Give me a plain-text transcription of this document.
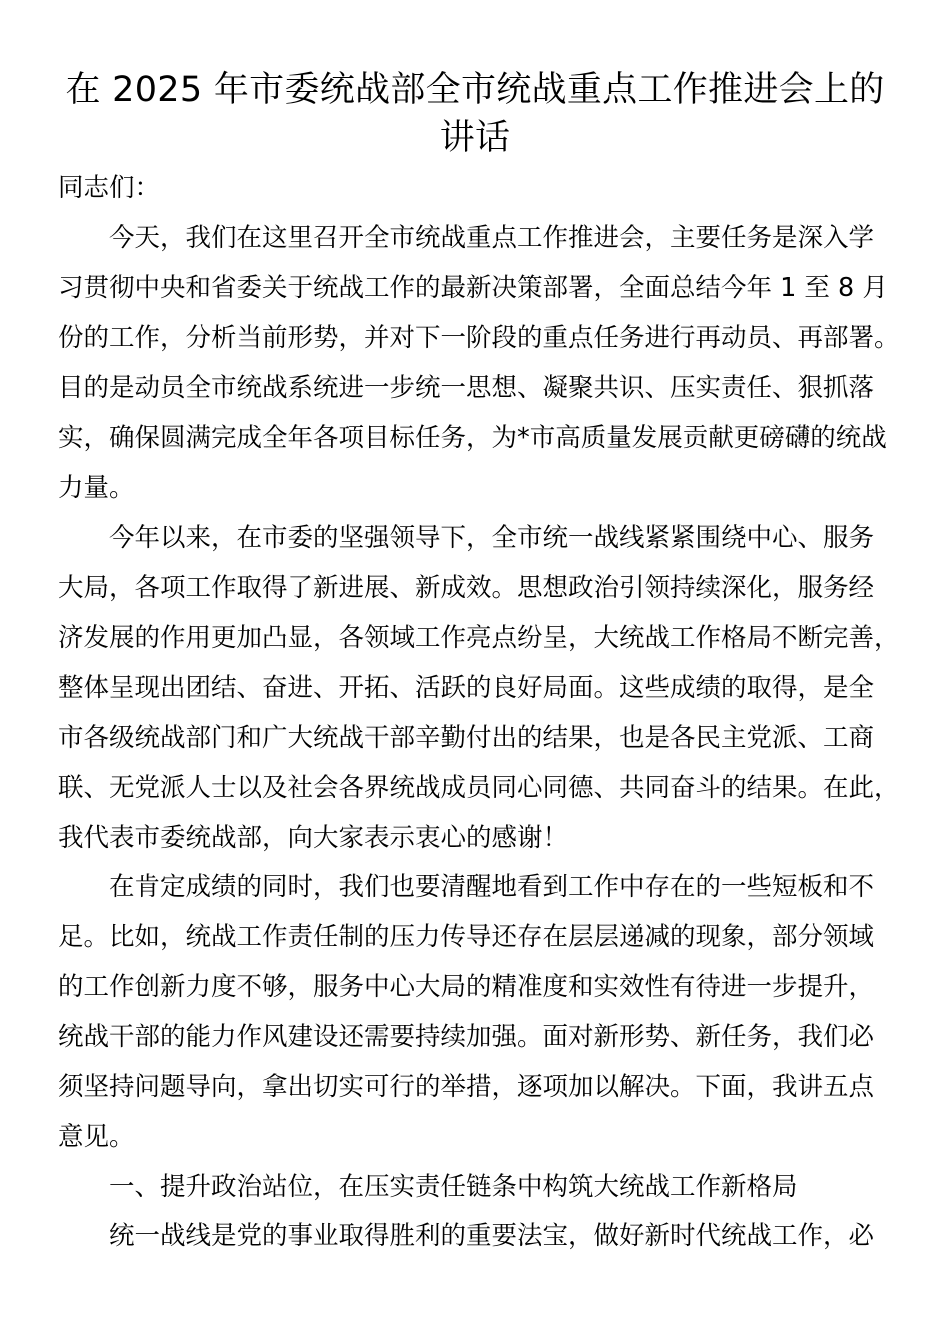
在 2025 年市委统战部全市统战重点工作推进会上的
讲话

同志们：

今天，我们在这里召开全市统战重点工作推进会，主要任务是深入学

习贯彻中央和省委关于统战工作的最新决策部署，全面总结今年 1 至 8 月

份的工作，分析当前形势，并对下一阶段的重点任务进行再动员、再部署。

目的是动员全市统战系统进一步统一思想、凝聚共识、压实责任、狠抓落

实，确保圆满完成全年各项目标任务，为*市高质量发展贡献更磅礴的统战

力量。

今年以来，在市委的坚强领导下，全市统一战线紧紧围绕中心、服务

大局，各项工作取得了新进展、新成效。思想政治引领持续深化，服务经

济发展的作用更加凸显，各领域工作亮点纷呈，大统战工作格局不断完善，

整体呈现出团结、奋进、开拓、活跃的良好局面。这些成绩的取得，是全

市各级统战部门和广大统战干部辛勤付出的结果，也是各民主党派、工商

联、无党派人士以及社会各界统战成员同心同德、共同奋斗的结果。在此，

我代表市委统战部，向大家表示衷心的感谢！

在肯定成绩的同时，我们也要清醒地看到工作中存在的一些短板和不

足。比如，统战工作责任制的压力传导还存在层层递减的现象，部分领域

的工作创新力度不够，服务中心大局的精准度和实效性有待进一步提升，

统战干部的能力作风建设还需要持续加强。面对新形势、新任务，我们必

须坚持问题导向，拿出切实可行的举措，逐项加以解决。下面，我讲五点

意见。

一、提升政治站位，在压实责任链条中构筑大统战工作新格局

统一战线是党的事业取得胜利的重要法宝，做好新时代统战工作，必
